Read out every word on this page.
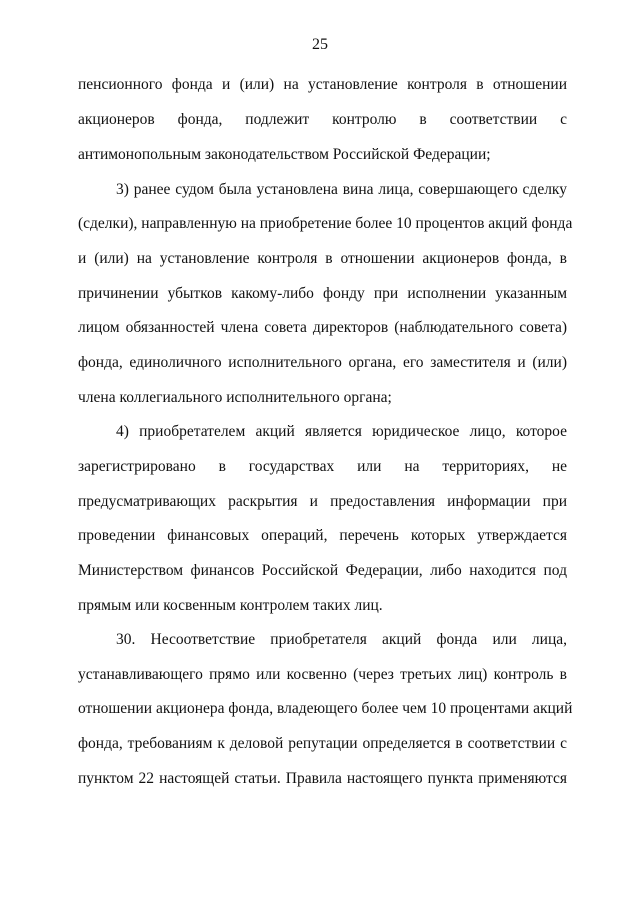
25
пенсионного фонда и (или) на установление контроля в отношении
акционеров фонда, подлежит контролю в соответствии с
антимонопольным законодательством Российской Федерации;
3) ранее судом была установлена вина лица, совершающего сделку
(сделки), направленную на приобретение более 10 процентов акций фонда
и (или) на установление контроля в отношении акционеров фонда, в
причинении убытков какому-либо фонду при исполнении указанным
лицом обязанностей члена совета директоров (наблюдательного совета)
фонда, единоличного исполнительного органа, его заместителя и (или)
члена коллегиального исполнительного органа;
4) приобретателем акций является юридическое лицо, которое
зарегистрировано в государствах или на территориях, не
предусматривающих раскрытия и предоставления информации при
проведении финансовых операций, перечень которых утверждается
Министерством финансов Российской Федерации, либо находится под
прямым или косвенным контролем таких лиц.
30. Несоответствие приобретателя акций фонда или лица,
устанавливающего прямо или косвенно (через третьих лиц) контроль в
отношении акционера фонда, владеющего более чем 10 процентами акций
фонда, требованиям к деловой репутации определяется в соответствии с
пунктом 22 настоящей статьи. Правила настоящего пункта применяются
